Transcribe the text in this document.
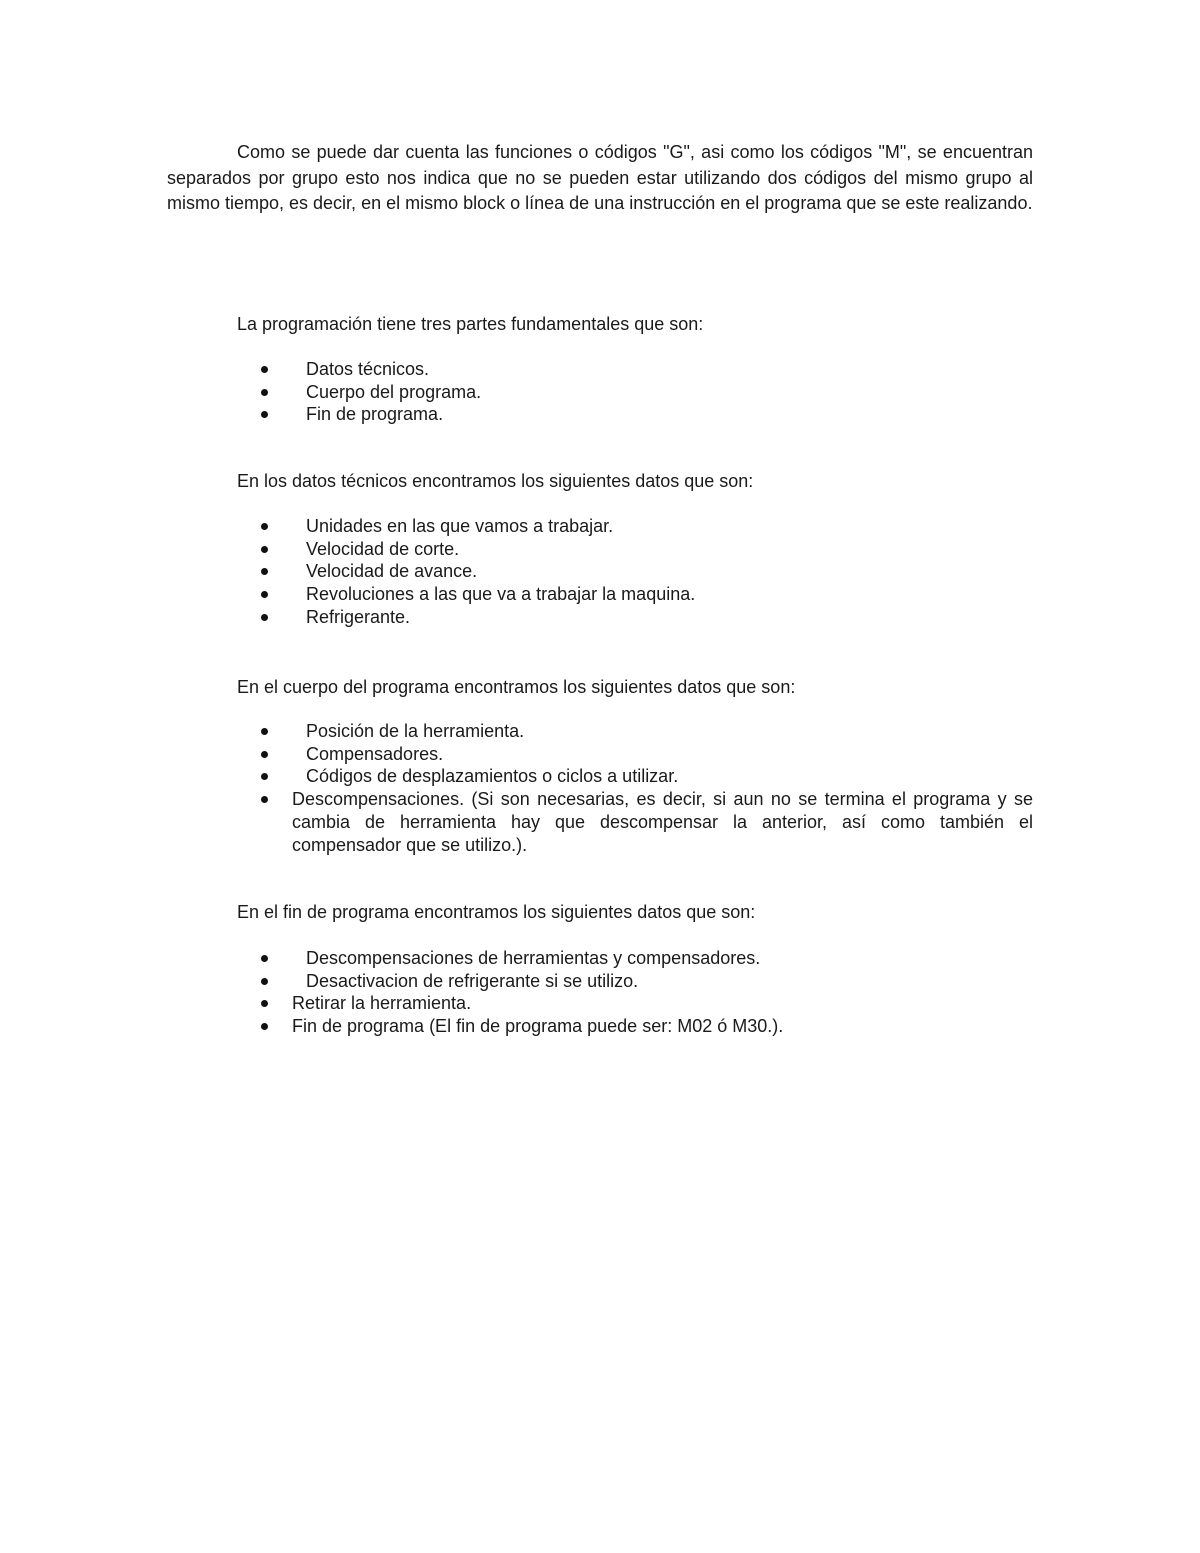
Como se puede dar cuenta las funciones o códigos "G", asi como los códigos "M", se encuentran separados por grupo esto nos indica que no se pueden estar utilizando dos códigos del mismo grupo al mismo tiempo, es decir, en el mismo block o línea de una instrucción en el programa que se este realizando.

La programación tiene tres partes fundamentales que son:

Datos técnicos.
Cuerpo del programa.
Fin de programa.

En los datos técnicos encontramos los siguientes datos que son:

Unidades en las que vamos a trabajar.
Velocidad de corte.
Velocidad de avance.
Revoluciones a las que va a trabajar la maquina.
Refrigerante.

En el cuerpo del programa encontramos los siguientes datos que son:

Posición de la herramienta.
Compensadores.
Códigos de desplazamientos o ciclos a utilizar.
Descompensaciones. (Si son necesarias, es decir, si aun no se termina el programa y se cambia de herramienta hay que descompensar la anterior, así como también el compensador que se utilizo.).

En el fin de programa encontramos los siguientes datos que son:

Descompensaciones de herramientas y compensadores.
Desactivacion de refrigerante si se utilizo.
Retirar la herramienta.
Fin de programa (El fin de programa puede ser: M02 ó M30.).
